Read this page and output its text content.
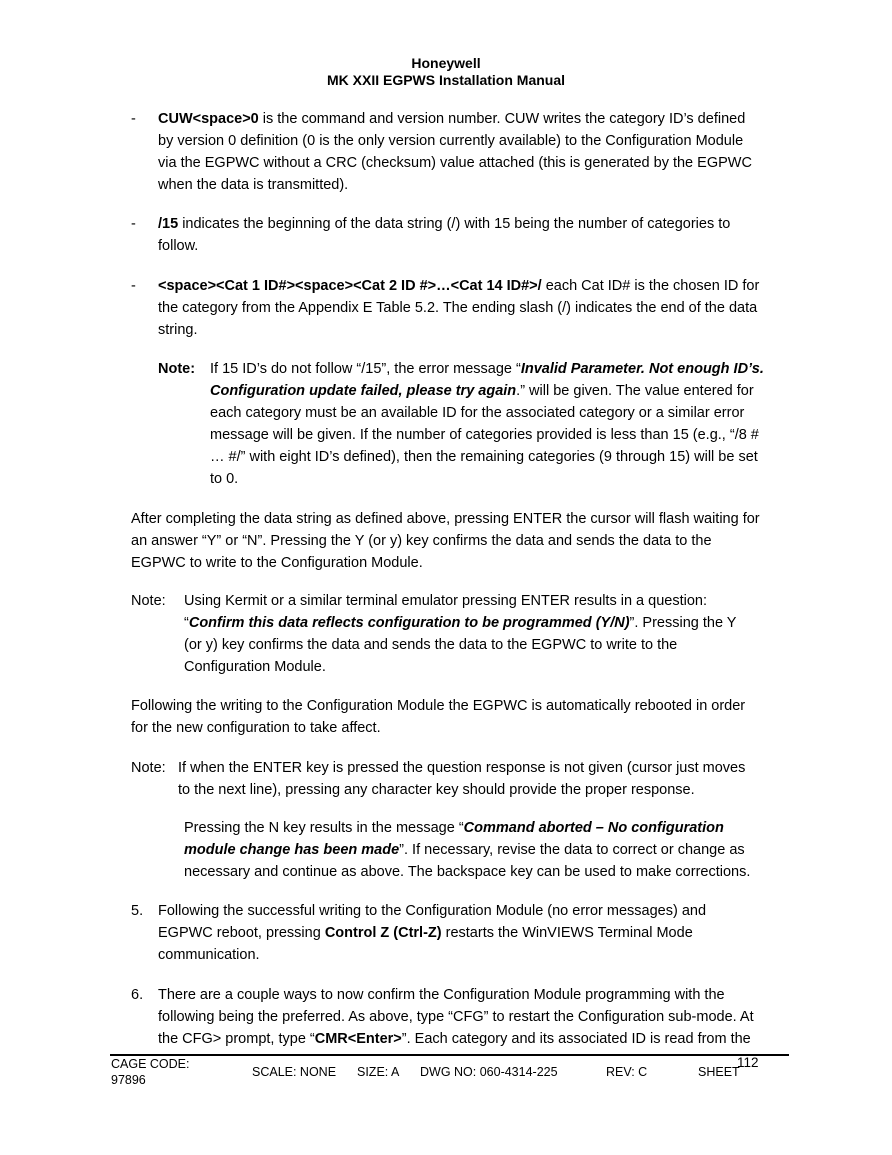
Honeywell
MK XXII EGPWS Installation Manual
- CUW<space>0 is the command and version number. CUW writes the category ID’s defined by version 0 definition (0 is the only version currently available) to the Configuration Module via the EGPWC without a CRC (checksum) value attached (this is generated by the EGPWC when the data is transmitted).

- /15 indicates the beginning of the data string (/) with 15 being the number of categories to follow.

- <space><Cat 1 ID#><space><Cat 2 ID #>…<Cat 14 ID#>/ each Cat ID# is the chosen ID for the category from the Appendix E Table 5.2. The ending slash (/) indicates the end of the data string.

Note: If 15 ID’s do not follow “/15”, the error message “Invalid Parameter. Not enough ID’s. Configuration update failed, please try again.” will be given. The value entered for each category must be an available ID for the associated category or a similar error message will be given. If the number of categories provided is less than 15 (e.g., “/8 # … #/” with eight ID’s defined), then the remaining categories (9 through 15) will be set to 0.

After completing the data string as defined above, pressing ENTER the cursor will flash waiting for an answer “Y” or “N”. Pressing the Y (or y) key confirms the data and sends the data to the EGPWC to write to the Configuration Module.

Note: Using Kermit or a similar terminal emulator pressing ENTER results in a question: “Confirm this data reflects configuration to be programmed (Y/N)”. Pressing the Y (or y) key confirms the data and sends the data to the EGPWC to write to the Configuration Module.

Following the writing to the Configuration Module the EGPWC is automatically rebooted in order for the new configuration to take affect.

Note: If when the ENTER key is pressed the question response is not given (cursor just moves to the next line), pressing any character key should provide the proper response.

Pressing the N key results in the message “Command aborted – No configuration module change has been made”. If necessary, revise the data to correct or change as necessary and continue as above. The backspace key can be used to make corrections.

5. Following the successful writing to the Configuration Module (no error messages) and EGPWC reboot, pressing Control Z (Ctrl-Z) restarts the WinVIEWS Terminal Mode communication.

6. There are a couple ways to now confirm the Configuration Module programming with the following being the preferred. As above, type “CFG” to restart the Configuration sub-mode. At the CFG> prompt, type “CMR<Enter>”. Each category and its associated ID is read from the

CAGE CODE:
97896
SCALE: NONE SIZE: A DWG NO: 060-4314-225	REV: C	SHEET
112
